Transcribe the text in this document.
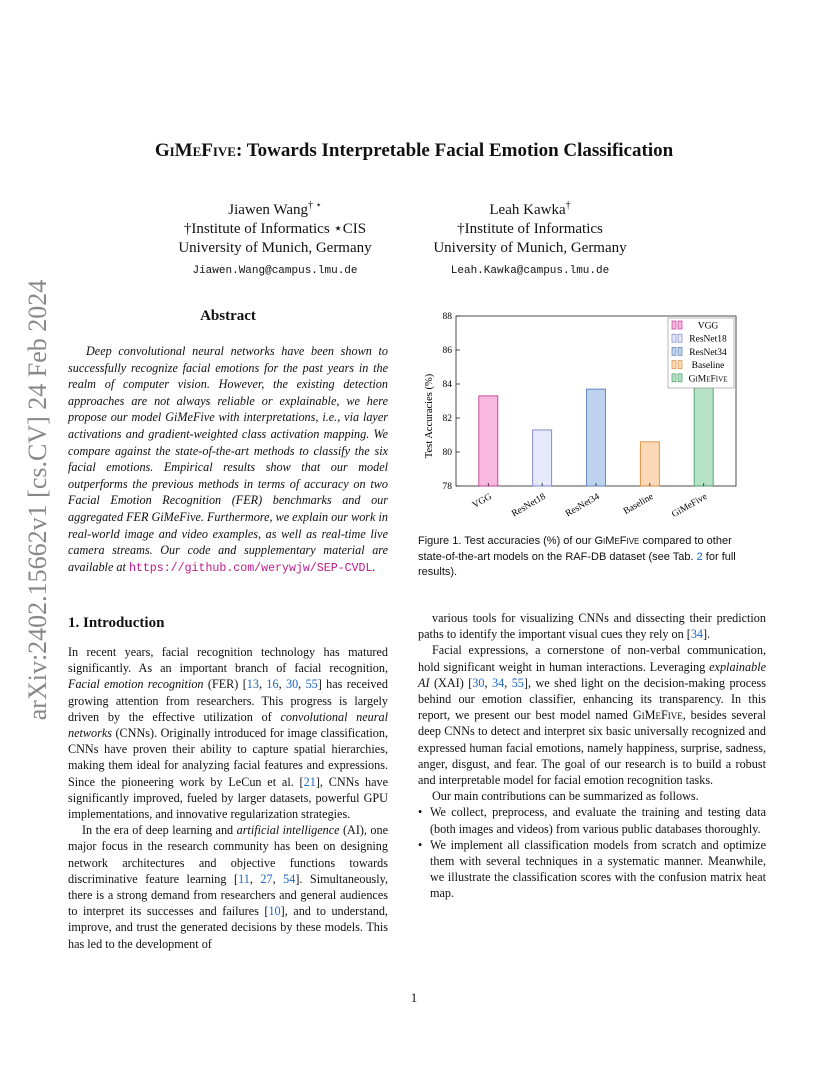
arXiv:2402.15662v1 [cs.CV] 24 Feb 2024
GiMeFive: Towards Interpretable Facial Emotion Classification
Jiawen Wang† ⋆
†Institute of Informatics ⋆CIS
University of Munich, Germany
Jiawen.Wang@campus.lmu.de
Leah Kawka†
†Institute of Informatics
University of Munich, Germany
Leah.Kawka@campus.lmu.de
Abstract

Deep convolutional neural networks have been shown to successfully recognize facial emotions for the past years in the realm of computer vision. However, the existing detection approaches are not always reliable or explainable, we here propose our model GiMeFive with interpretations, i.e., via layer activations and gradient-weighted class activation mapping. We compare against the state-of-the-art methods to classify the six facial emotions. Empirical results show that our model outperforms the previous methods in terms of accuracy on two Facial Emotion Recognition (FER) benchmarks and our aggregated FER GiMeFive. Furthermore, we explain our work in real-world image and video examples, as well as real-time live camera streams. Our code and supplementary material are available at https://github.com/werywjw/SEP-CVDL.

1. Introduction

In recent years, facial recognition technology has matured significantly. As an important branch of facial recognition, Facial emotion recognition (FER) [13, 16, 30, 55] has received growing attention from researchers. This progress is largely driven by the effective utilization of convolutional neural networks (CNNs). Originally introduced for image classification, CNNs have proven their ability to capture spatial hierarchies, making them ideal for analyzing facial features and expressions. Since the pioneering work by LeCun et al. [21], CNNs have significantly improved, fueled by larger datasets, powerful GPU implementations, and innovative regularization strategies.

In the era of deep learning and artificial intelligence (AI), one major focus in the research community has been on designing network architectures and objective functions towards discriminative feature learning [11, 27, 54]. Simultaneously, there is a strong demand from researchers and general audiences to interpret its successes and failures [10], and to understand, improve, and trust the generated decisions by these models. This has led to the development of

Test Accuracies (%)
78
80
82
84
86
88
VGG ResNet18 ResNet34 Baseline GiMeFive
VGG
ResNet18
ResNet34
Baseline
GiMeFive
Figure 1. Test accuracies (%) of our GiMeFive compared to other state-of-the-art models on the RAF-DB dataset (see Tab. 2 for full results).

various tools for visualizing CNNs and dissecting their prediction paths to identify the important visual cues they rely on [34].

Facial expressions, a cornerstone of non-verbal communication, hold significant weight in human interactions. Leveraging explainable AI (XAI) [30, 34, 55], we shed light on the decision-making process behind our emotion classifier, enhancing its transparency. In this report, we present our best model named GiMeFive, besides several deep CNNs to detect and interpret six basic universally recognized and expressed human facial emotions, namely happiness, surprise, sadness, anger, disgust, and fear. The goal of our research is to build a robust and interpretable model for facial emotion recognition tasks.

Our main contributions can be summarized as follows.

• We collect, preprocess, and evaluate the training and testing data (both images and videos) from various public databases thoroughly.
• We implement all classification models from scratch and optimize them with several techniques in a systematic manner. Meanwhile, we illustrate the classification scores with the confusion matrix heat map.
1
